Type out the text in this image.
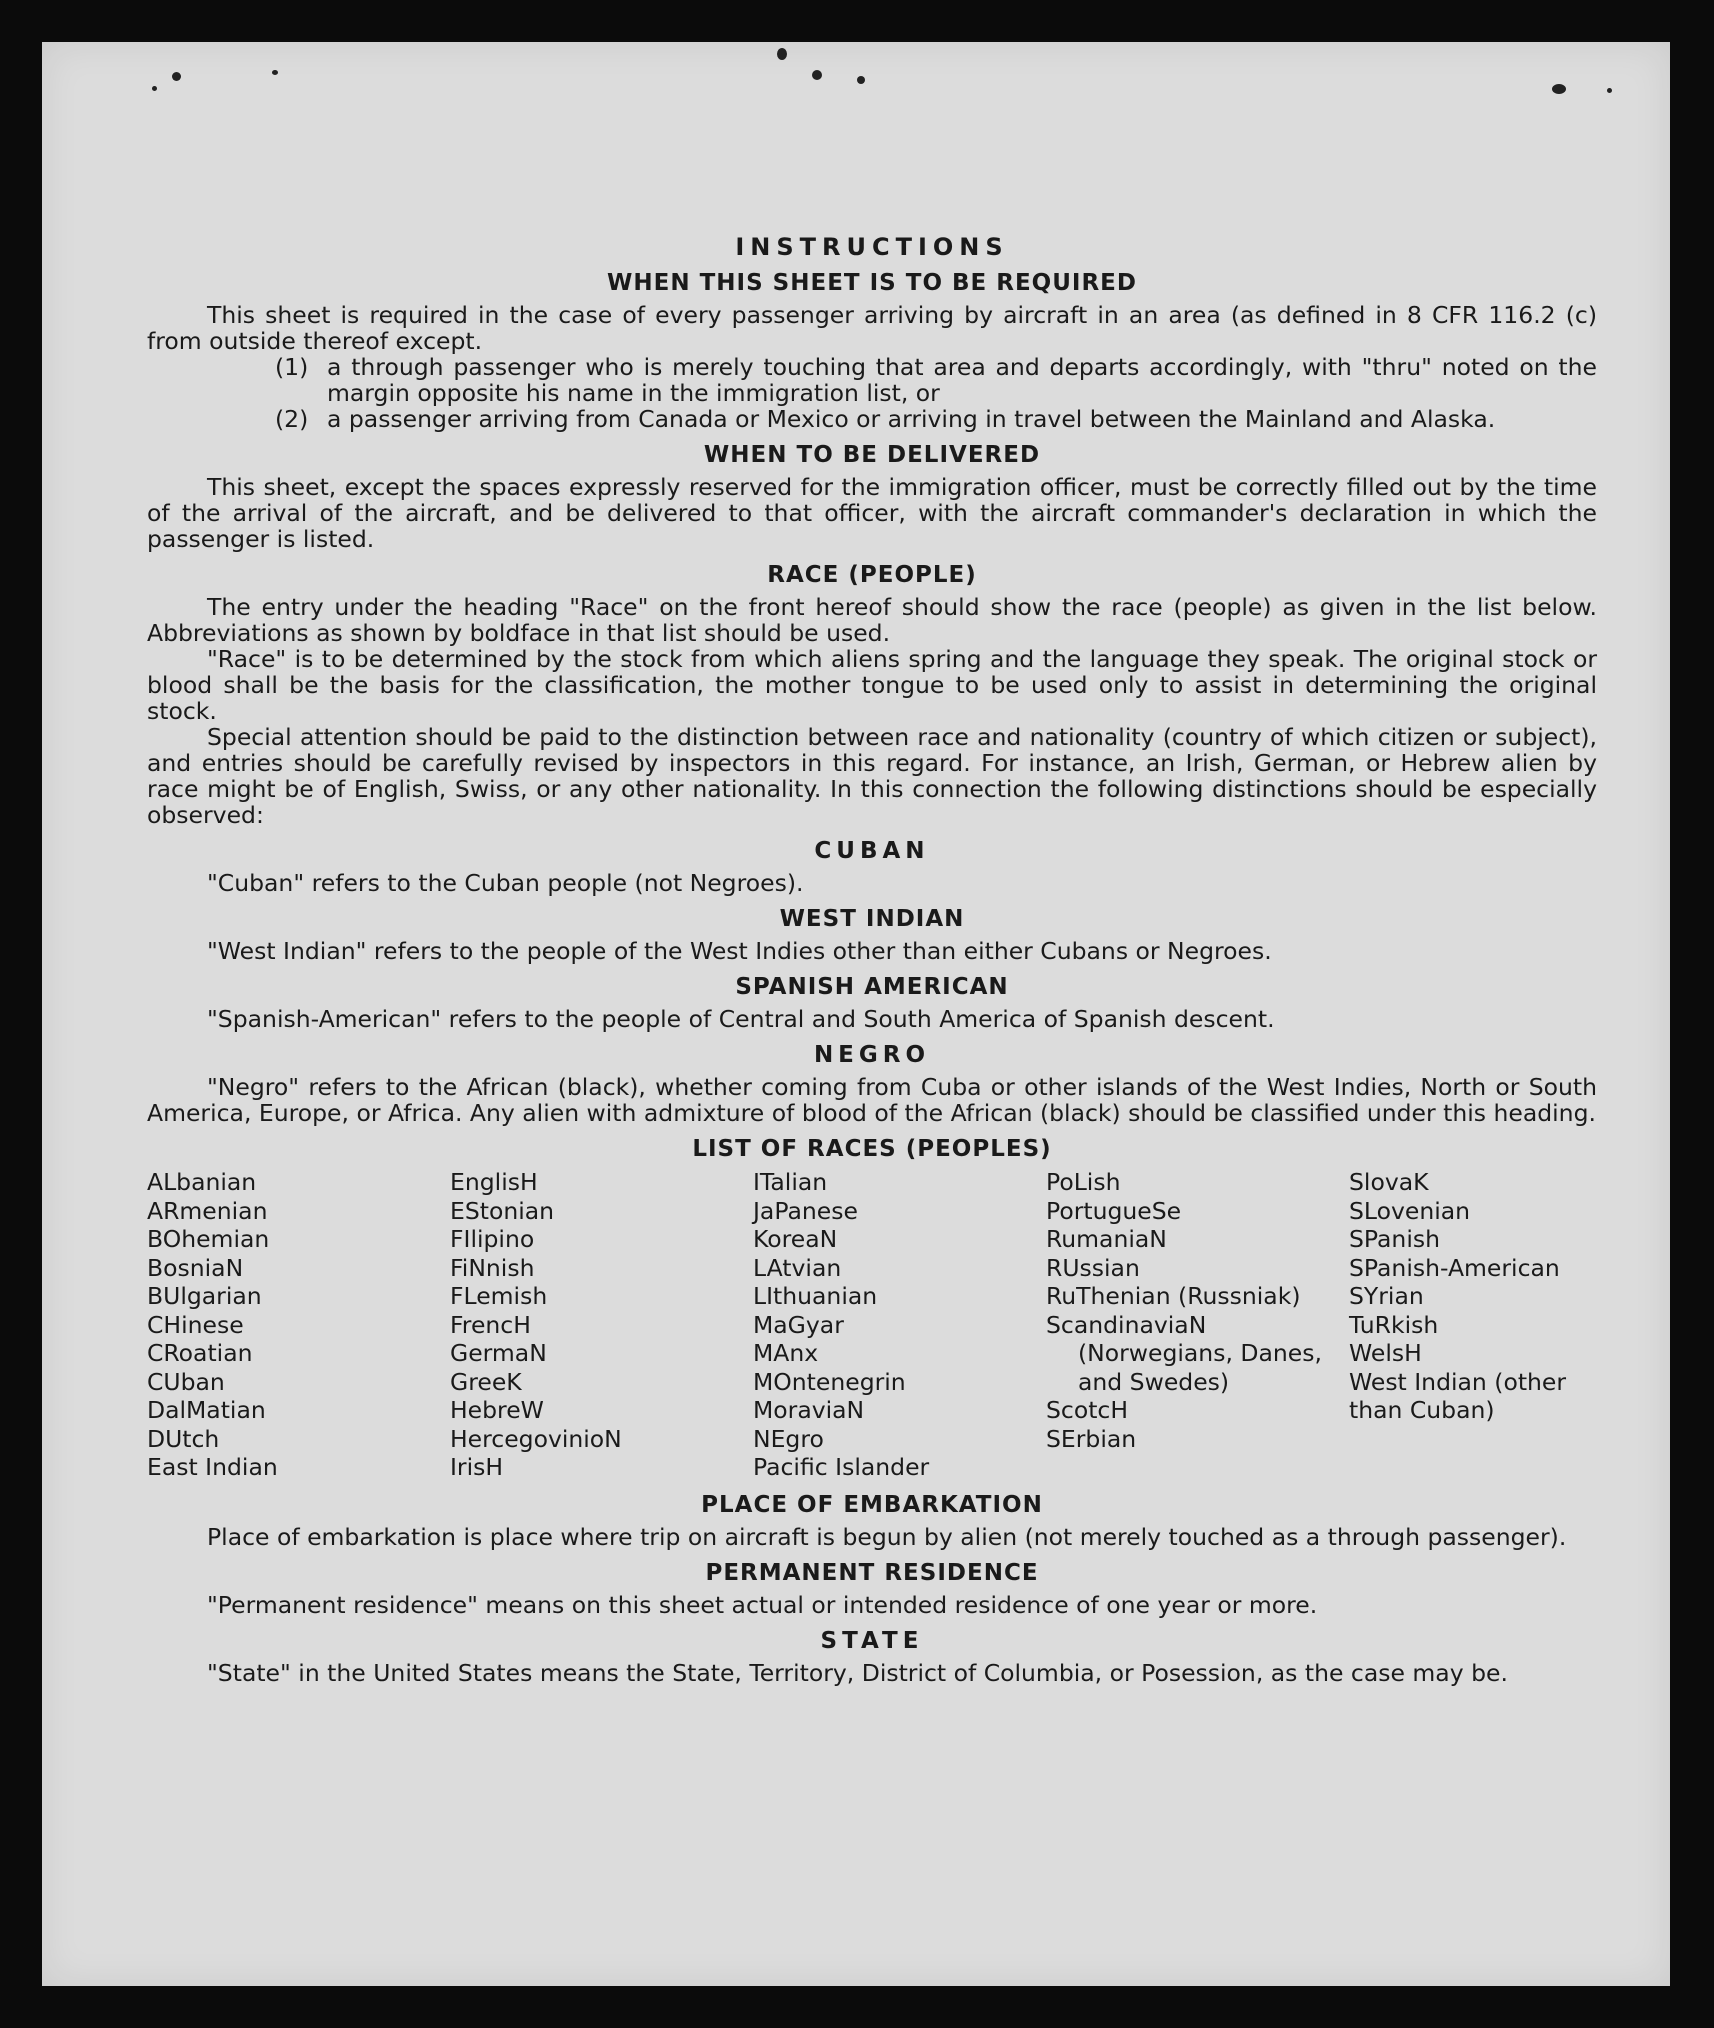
INSTRUCTIONS
WHEN THIS SHEET IS TO BE REQUIRED

This sheet is required in the case of every passenger arriving by aircraft in an area (as defined in 8 CFR 116.2 (c) from outside thereof except.

(1) a through passenger who is merely touching that area and departs accordingly, with "thru" noted on the margin opposite his name in the immigration list, or
(2) a passenger arriving from Canada or Mexico or arriving in travel between the Mainland and Alaska.
WHEN TO BE DELIVERED

This sheet, except the spaces expressly reserved for the immigration officer, must be correctly filled out by the time of the arrival of the aircraft, and be delivered to that officer, with the aircraft commander's declaration in which the passenger is listed.

RACE (PEOPLE)

The entry under the heading "Race" on the front hereof should show the race (people) as given in the list below. Abbreviations as shown by boldface in that list should be used.

"Race" is to be determined by the stock from which aliens spring and the language they speak. The original stock or blood shall be the basis for the classification, the mother tongue to be used only to assist in determining the original stock.

Special attention should be paid to the distinction between race and nationality (country of which citizen or subject), and entries should be carefully revised by inspectors in this regard. For instance, an Irish, German, or Hebrew alien by race might be of English, Swiss, or any other nationality. In this connection the following distinctions should be especially observed:

CUBAN

"Cuban" refers to the Cuban people (not Negroes).

WEST INDIAN

"West Indian" refers to the people of the West Indies other than either Cubans or Negroes.

SPANISH AMERICAN

"Spanish-American" refers to the people of Central and South America of Spanish descent.

NEGRO

"Negro" refers to the African (black), whether coming from Cuba or other islands of the West Indies, North or South America, Europe, or Africa. Any alien with admixture of blood of the African (black) should be classified under this heading.

LIST OF RACES (PEOPLES)
ALbanian
ARmenian
BOhemian
BosniaN
BUlgarian
CHinese
CRoatian
CUban
DalMatian
DUtch
East Indian
EnglisH
EStonian
FIlipino
FiNnish
FLemish
FrencH
GermaN
GreeK
HebreW
HercegovinioN
IrisH
ITalian
JaPanese
KoreaN
LAtvian
LIthuanian
MaGyar
MAnx
MOntenegrin
MoraviaN
NEgro
Pacific Islander
PoLish
PortugueSe
RumaniaN
RUssian
RuThenian (Russniak)
ScandinaviaN
(Norwegians, Danes, and Swedes)
ScotcH
SErbian
SlovaK
SLovenian
SPanish
SPanish-American
SYrian
TuRkish
WelsH
West Indian (other than Cuban)
PLACE OF EMBARKATION

Place of embarkation is place where trip on aircraft is begun by alien (not merely touched as a through passenger).

PERMANENT RESIDENCE

"Permanent residence" means on this sheet actual or intended residence of one year or more.

STATE

"State" in the United States means the State, Territory, District of Columbia, or Posession, as the case may be.
